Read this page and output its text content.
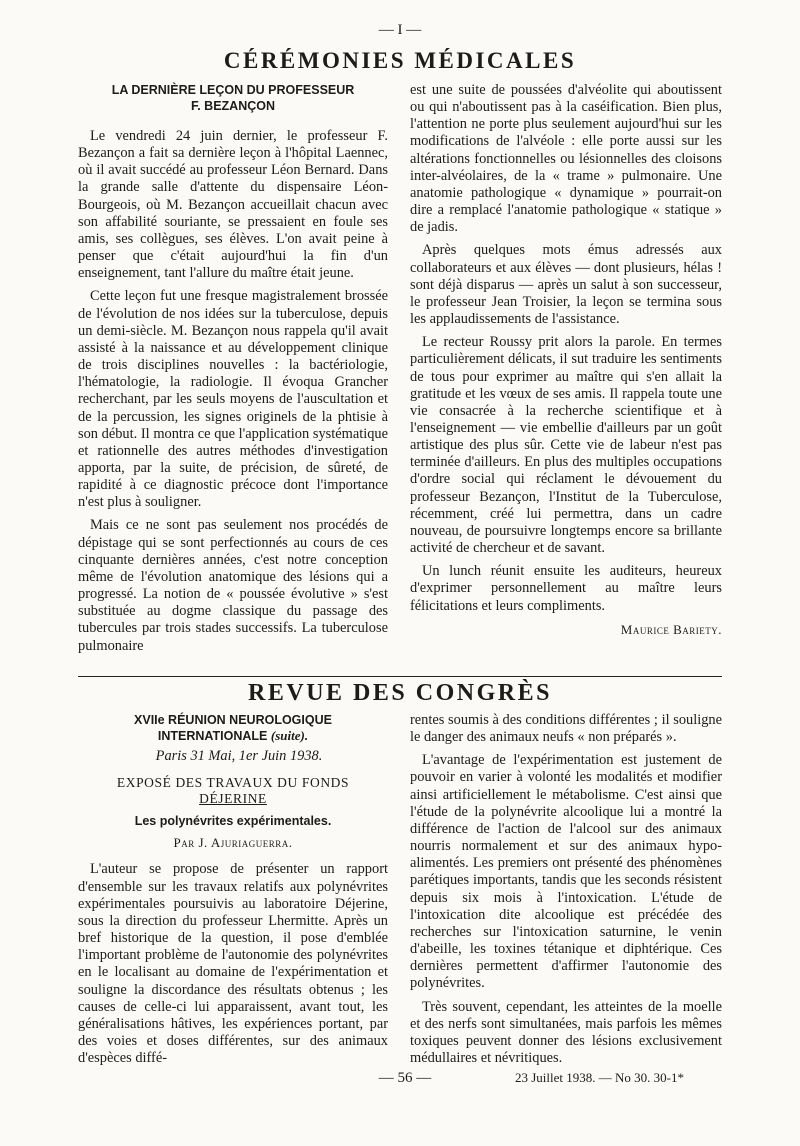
— I —
CÉRÉMONIES MÉDICALES
LA DERNIÈRE LEÇON DU PROFESSEUR
F. BEZANÇON

Le vendredi 24 juin dernier, le professeur F. Bezançon a fait sa dernière leçon à l'hôpital Laennec, où il avait succédé au professeur Léon Bernard. Dans la grande salle d'attente du dispensaire Léon-Bourgeois, où M. Bezançon accueillait chacun avec son affabilité souriante, se pressaient en foule ses amis, ses collègues, ses élèves. L'on avait peine à penser que c'était aujourd'hui la fin d'un enseignement, tant l'allure du maître était jeune.

Cette leçon fut une fresque magistralement brossée de l'évolution de nos idées sur la tuberculose, depuis un demi-siècle. M. Bezançon nous rappela qu'il avait assisté à la naissance et au développement clinique de trois disciplines nouvelles : la bactériologie, l'hématologie, la radiologie. Il évoqua Grancher recherchant, par les seuls moyens de l'auscultation et de la percussion, les signes originels de la phtisie à son début. Il montra ce que l'application systématique et rationnelle des autres méthodes d'investigation apporta, par la suite, de précision, de sûreté, de rapidité à ce diagnostic précoce dont l'importance n'est plus à souligner.

Mais ce ne sont pas seulement nos procédés de dépistage qui se sont perfectionnés au cours de ces cinquante dernières années, c'est notre conception même de l'évolution anatomique des lésions qui a progressé. La notion de « poussée évolutive » s'est substituée au dogme classique du passage des tubercules par trois stades successifs. La tuberculose pulmonaire

est une suite de poussées d'alvéolite qui aboutissent ou qui n'aboutissent pas à la caséification. Bien plus, l'attention ne porte plus seulement aujourd'hui sur les modifications de l'alvéole : elle porte aussi sur les altérations fonctionnelles ou lésionnelles des cloisons inter-alvéolaires, de la « trame » pulmonaire. Une anatomie pathologique « dynamique » pourrait-on dire a remplacé l'anatomie pathologique « statique » de jadis.

Après quelques mots émus adressés aux collaborateurs et aux élèves — dont plusieurs, hélas ! sont déjà disparus — après un salut à son successeur, le professeur Jean Troisier, la leçon se termina sous les applaudissements de l'assistance.

Le recteur Roussy prit alors la parole. En termes particulièrement délicats, il sut traduire les sentiments de tous pour exprimer au maître qui s'en allait la gratitude et les vœux de ses amis. Il rappela toute une vie consacrée à la recherche scientifique et à l'enseignement — vie embellie d'ailleurs par un goût artistique des plus sûr. Cette vie de labeur n'est pas terminée d'ailleurs. En plus des multiples occupations d'ordre social qui réclament le dévouement du professeur Bezançon, l'Institut de la Tuberculose, récemment, créé lui permettra, dans un cadre nouveau, de poursuivre longtemps encore sa brillante activité de chercheur et de savant.

Un lunch réunit ensuite les auditeurs, heureux d'exprimer personnellement au maître leurs félicitations et leurs compliments.

Maurice Bariety.

REVUE DES CONGRÈS
XVIIe RÉUNION NEUROLOGIQUE
INTERNATIONALE (suite).

Paris 31 Mai, 1er Juin 1938.

EXPOSÉ DES TRAVAUX DU FONDS
DÉJERINE
Les polynévrites expérimentales.
Par J. Ajuriaguerra.

L'auteur se propose de présenter un rapport d'ensemble sur les travaux relatifs aux polynévrites expérimentales poursuivis au laboratoire Déjerine, sous la direction du professeur Lhermitte. Après un bref historique de la question, il pose d'emblée l'important problème de l'autonomie des polynévrites en le localisant au domaine de l'expérimentation et souligne la discordance des résultats obtenus ; les causes de celle-ci lui apparaissent, avant tout, les généralisations hâtives, les expériences portant, par des voies et doses différentes, sur des animaux d'espèces diffé-

rentes soumis à des conditions différentes ; il souligne le danger des animaux neufs « non préparés ».

L'avantage de l'expérimentation est justement de pouvoir en varier à volonté les modalités et modifier ainsi artificiellement le métabolisme. C'est ainsi que l'étude de la polynévrite alcoolique lui a montré la différence de l'action de l'alcool sur des animaux nourris normalement et sur des animaux hypo-alimentés. Les premiers ont présenté des phénomènes parétiques importants, tandis que les seconds résistent depuis six mois à l'intoxication. L'étude de l'intoxication dite alcoolique est précédée des recherches sur l'intoxication saturnine, le venin d'abeille, les toxines tétanique et diphtérique. Ces dernières permettent d'affirmer l'autonomie des polynévrites.

Très souvent, cependant, les atteintes de la moelle et des nerfs sont simultanées, mais parfois les mêmes toxiques peuvent donner des lésions exclusivement médullaires et névritiques.

— 56 —	23 Juillet 1938. — No 30. 30-1*
